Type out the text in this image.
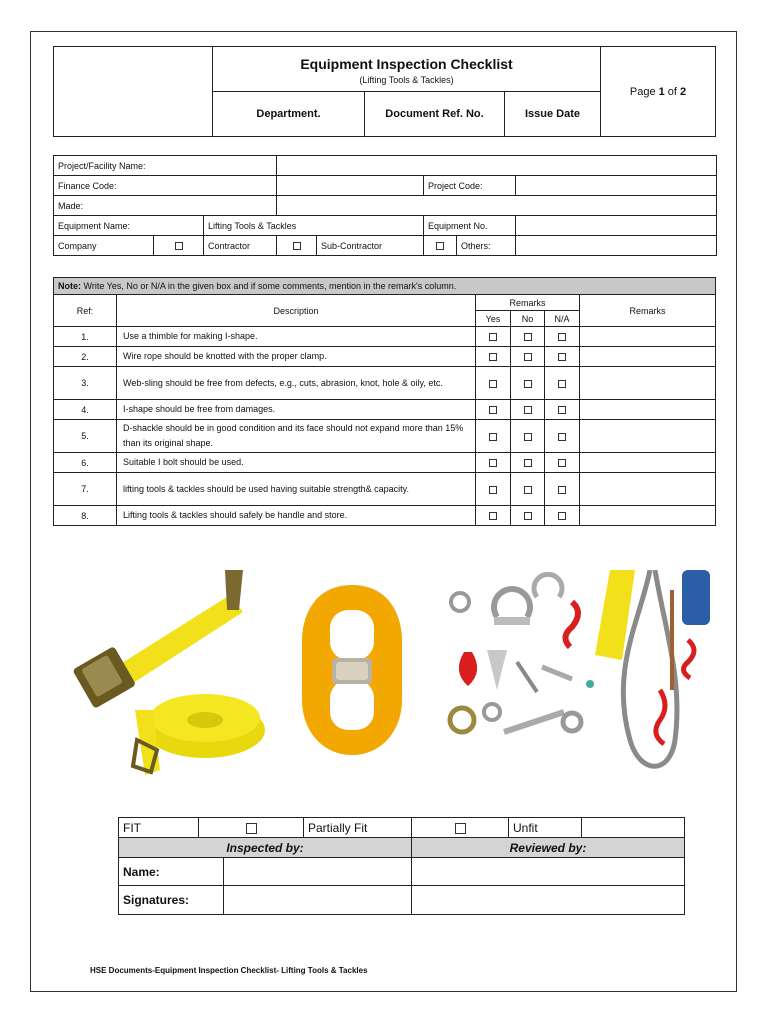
	Equipment Inspection Checklist
(Lifting Tools & Tackles)			Page 1 of 2
	Department.	Document Ref. No.	Issue Date	
Project/Facility Name:							
Finance Code:					Project Code:		
Made:							
Equipment Name:		Lifting Tools & Tackles			Equipment No.		
Company		Contractor		Sub-Contractor		Others:	
Note: Write Yes, No or N/A in the given box and if some comments, mention in the remark's column.					
Ref:	Description	Remarks			Remarks
		Yes	No	N/A	
1.	Use a thimble for making I-shape.				
2.	Wire rope should be knotted with the proper clamp.				
3.	Web-sling should be free from defects, e.g., cuts, abrasion, knot, hole & oily, etc.				
4.	I-shape should be free from damages.				
5.	D-shackle should be in good condition and its face should not expand more than 15% than its original shape.				
6.	Suitable I bolt should be used.				
7.	lifting tools & tackles should be used having suitable strength& capacity.				
8.	Lifting tools & tackles should safely be handle and store.				
FIT			Partially Fit		Unfit	
Inspected by:				Reviewed by:		
Name:						
Signatures:						
HSE Documents-Equipment Inspection Checklist- Lifting Tools & Tackles
